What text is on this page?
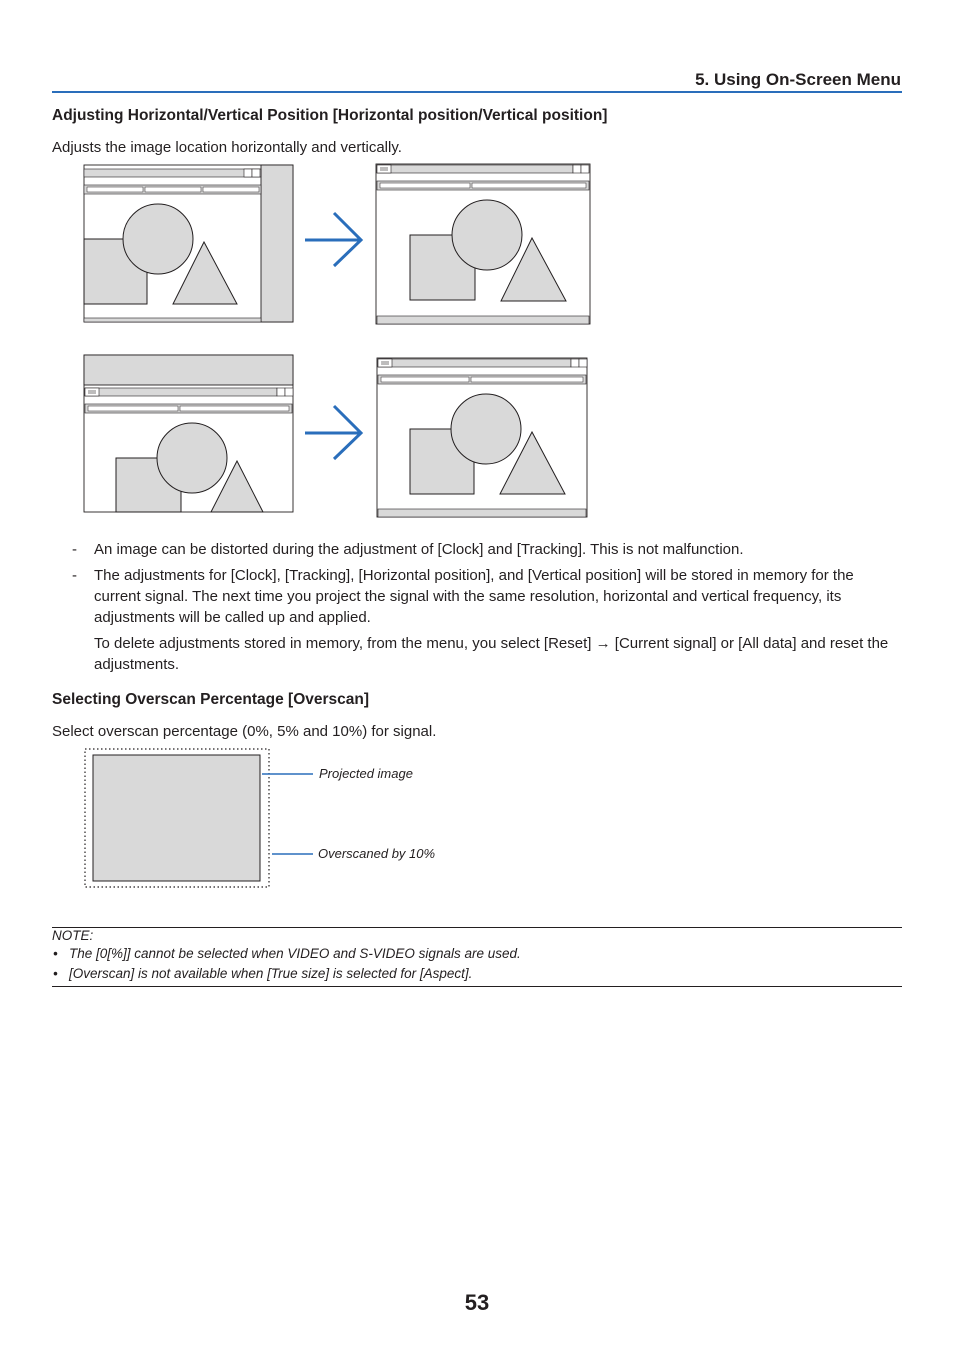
5. Using On-Screen Menu
Adjusting Horizontal/Vertical Position [Horizontal position/Vertical position]
Adjusts the image location horizontally and vertically.
- An image can be distorted during the adjustment of [Clock] and [Tracking]. This is not malfunction.
- The adjustments for [Clock], [Tracking], [Horizontal position], and [Vertical position] will be stored in memory for the current signal. The next time you project the signal with the same resolution, horizontal and vertical frequency, its adjustments will be called up and applied.
To delete adjustments stored in memory, from the menu, you select [Reset] → [Current signal] or [All data] and reset the adjustments.
Selecting Overscan Percentage [Overscan]
Select overscan percentage (0%, 5% and 10%) for signal.
Projected image
Overscaned by 10%
NOTE:
• The [0[%]] cannot be selected when VIDEO and S-VIDEO signals are used.
• [Overscan] is not available when [True size] is selected for [Aspect].
53
